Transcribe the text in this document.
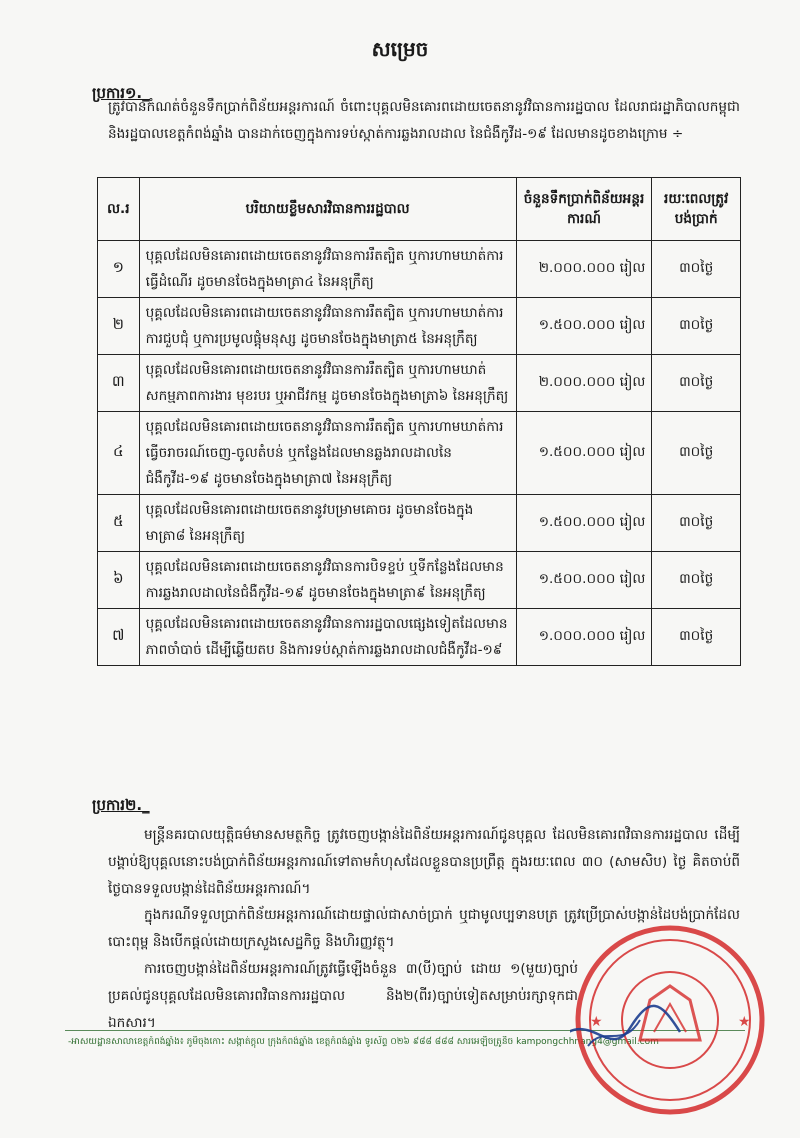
សម្រេច
ប្រការ១._
ត្រូវបានកំណត់ចំនួនទឹកប្រាក់ពិន័យអន្តរការណ៍ ចំពោះបុគ្គលមិនគោរពដោយចេតនានូវវិធានការរដ្ឋបាល ដែលរាជរដ្ឋាភិបាលកម្ពុជា និងរដ្ឋបាលខេត្តកំពង់ឆ្នាំង បានដាក់ចេញក្នុងការទប់ស្កាត់ការឆ្លងរាលដាល នៃជំងឺកូវីដ-១៩ ដែលមានដូចខាងក្រោម ÷
ល.រ	បរិយាយខ្លឹមសារវិធានការរដ្ឋបាល	ចំនួនទឹកប្រាក់ពិន័យអន្តរការណ៍	រយៈពេលត្រូវបង់ប្រាក់
១	បុគ្គលដែលមិនគោរពដោយចេតនានូវវិធានការរឹតត្បិត ឬការហាមឃាត់ការធ្វើដំណើរ ដូចមានចែងក្នុងមាត្រា៤ នៃអនុក្រឹត្យ	២.០០០.០០០ រៀល	៣០ថ្ងៃ
២	បុគ្គលដែលមិនគោរពដោយចេតនានូវវិធានការរឹតត្បិត ឬការហាមឃាត់ការការជួបជុំ ឬការប្រមូលផ្តុំមនុស្ស ដូចមានចែងក្នុងមាត្រា៥ នៃអនុក្រឹត្យ	១.៥០០.០០០ រៀល	៣០ថ្ងៃ
៣	បុគ្គលដែលមិនគោរពដោយចេតនានូវវិធានការរឹតត្បិត ឬការហាមឃាត់សកម្មភាពការងារ មុខរបរ ឬអាជីវកម្ម ដូចមានចែងក្នុងមាត្រា៦ នៃអនុក្រឹត្យ	២.០០០.០០០ រៀល	៣០ថ្ងៃ
៤	បុគ្គលដែលមិនគោរពដោយចេតនានូវវិធានការរឹតត្បិត ឬការហាមឃាត់ការធ្វើចរាចរណ៍ចេញ-ចូលតំបន់ ឬកន្លែងដែលមានឆ្លងរាលដាលនៃជំងឺកូវីដ-១៩ ដូចមានចែងក្នុងមាត្រា៧ នៃអនុក្រឹត្យ	១.៥០០.០០០ រៀល	៣០ថ្ងៃ
៥	បុគ្គលដែលមិនគោរពដោយចេតនានូវបម្រាមគោចរ ដូចមានចែងក្នុងមាត្រា៨ នៃអនុក្រឹត្យ	១.៥០០.០០០ រៀល	៣០ថ្ងៃ
៦	បុគ្គលដែលមិនគោរពដោយចេតនានូវវិធានការបិទខ្ទប់ ឬទីកន្លែងដែលមានការឆ្លងរាលដាលនៃជំងឺកូវីដ-១៩ ដូចមានចែងក្នុងមាត្រា៩ នៃអនុក្រឹត្យ	១.៥០០.០០០ រៀល	៣០ថ្ងៃ
៧	បុគ្គលដែលមិនគោរពដោយចេតនានូវវិធានការរដ្ឋបាលផ្សេងទៀតដែលមានភាពចាំបាច់ ដើម្បីឆ្លើយតប និងការទប់ស្កាត់ការឆ្លងរាលដាលជំងឺកូវីដ-១៩	១.០០០.០០០ រៀល	៣០ថ្ងៃ
ប្រការ២._
មន្ត្រីនគរបាលយុត្តិធម៌មានសមត្ថកិច្ច ត្រូវចេញបង្កាន់ដៃពិន័យអន្តរការណ៍ជូនបុគ្គល ដែលមិនគោរពវិធានការរដ្ឋបាល ដើម្បីបង្គាប់ឱ្យបុគ្គលនោះបង់ប្រាក់ពិន័យអន្តរការណ៍ទៅតាមកំហុសដែលខ្លួនបានប្រព្រឹត្ត ក្នុងរយៈពេល ៣០ (សាមសិប) ថ្ងៃ គិតចាប់ពីថ្ងៃបានទទួលបង្កាន់ដៃពិន័យអន្តរការណ៍។
ក្នុងករណីទទួលប្រាក់ពិន័យអន្តរការណ៍ដោយផ្ទាល់ជាសាច់ប្រាក់ ឬជាមូលប្បទានបត្រ ត្រូវប្រើប្រាស់បង្កាន់ដៃបង់ប្រាក់ដែលបោះពុម្ព និងបើកផ្តល់ដោយក្រសួងសេដ្ឋកិច្ច និងហិរញ្ញវត្ថុ។
ការចេញបង្កាន់ដៃពិន័យអន្តរការណ៍ត្រូវធ្វើឡើងចំនួន ៣(បី)ច្បាប់ ដោយ ១(មួយ)ច្បាប់ប្រគល់ជូនបុគ្គលដែលមិនគោរពវិធានការរដ្ឋបាល និង២(ពីរ)ច្បាប់ទៀតសម្រាប់រក្សាទុកជាឯកសារ។
-អាសយដ្ឋានសាលាខេត្តកំពង់ឆ្នាំង៖ ភូមិចុងកោះ សង្កាត់ក្តុល ក្រុងកំពង់ឆ្នាំង ខេត្តកំពង់ឆ្នាំង ទូរស័ព្ទ ០២៦ ៩៨៨ ៨៨៨ សារអេឡិចត្រូនិច kampongchhnang4@gmail.com
★	★
